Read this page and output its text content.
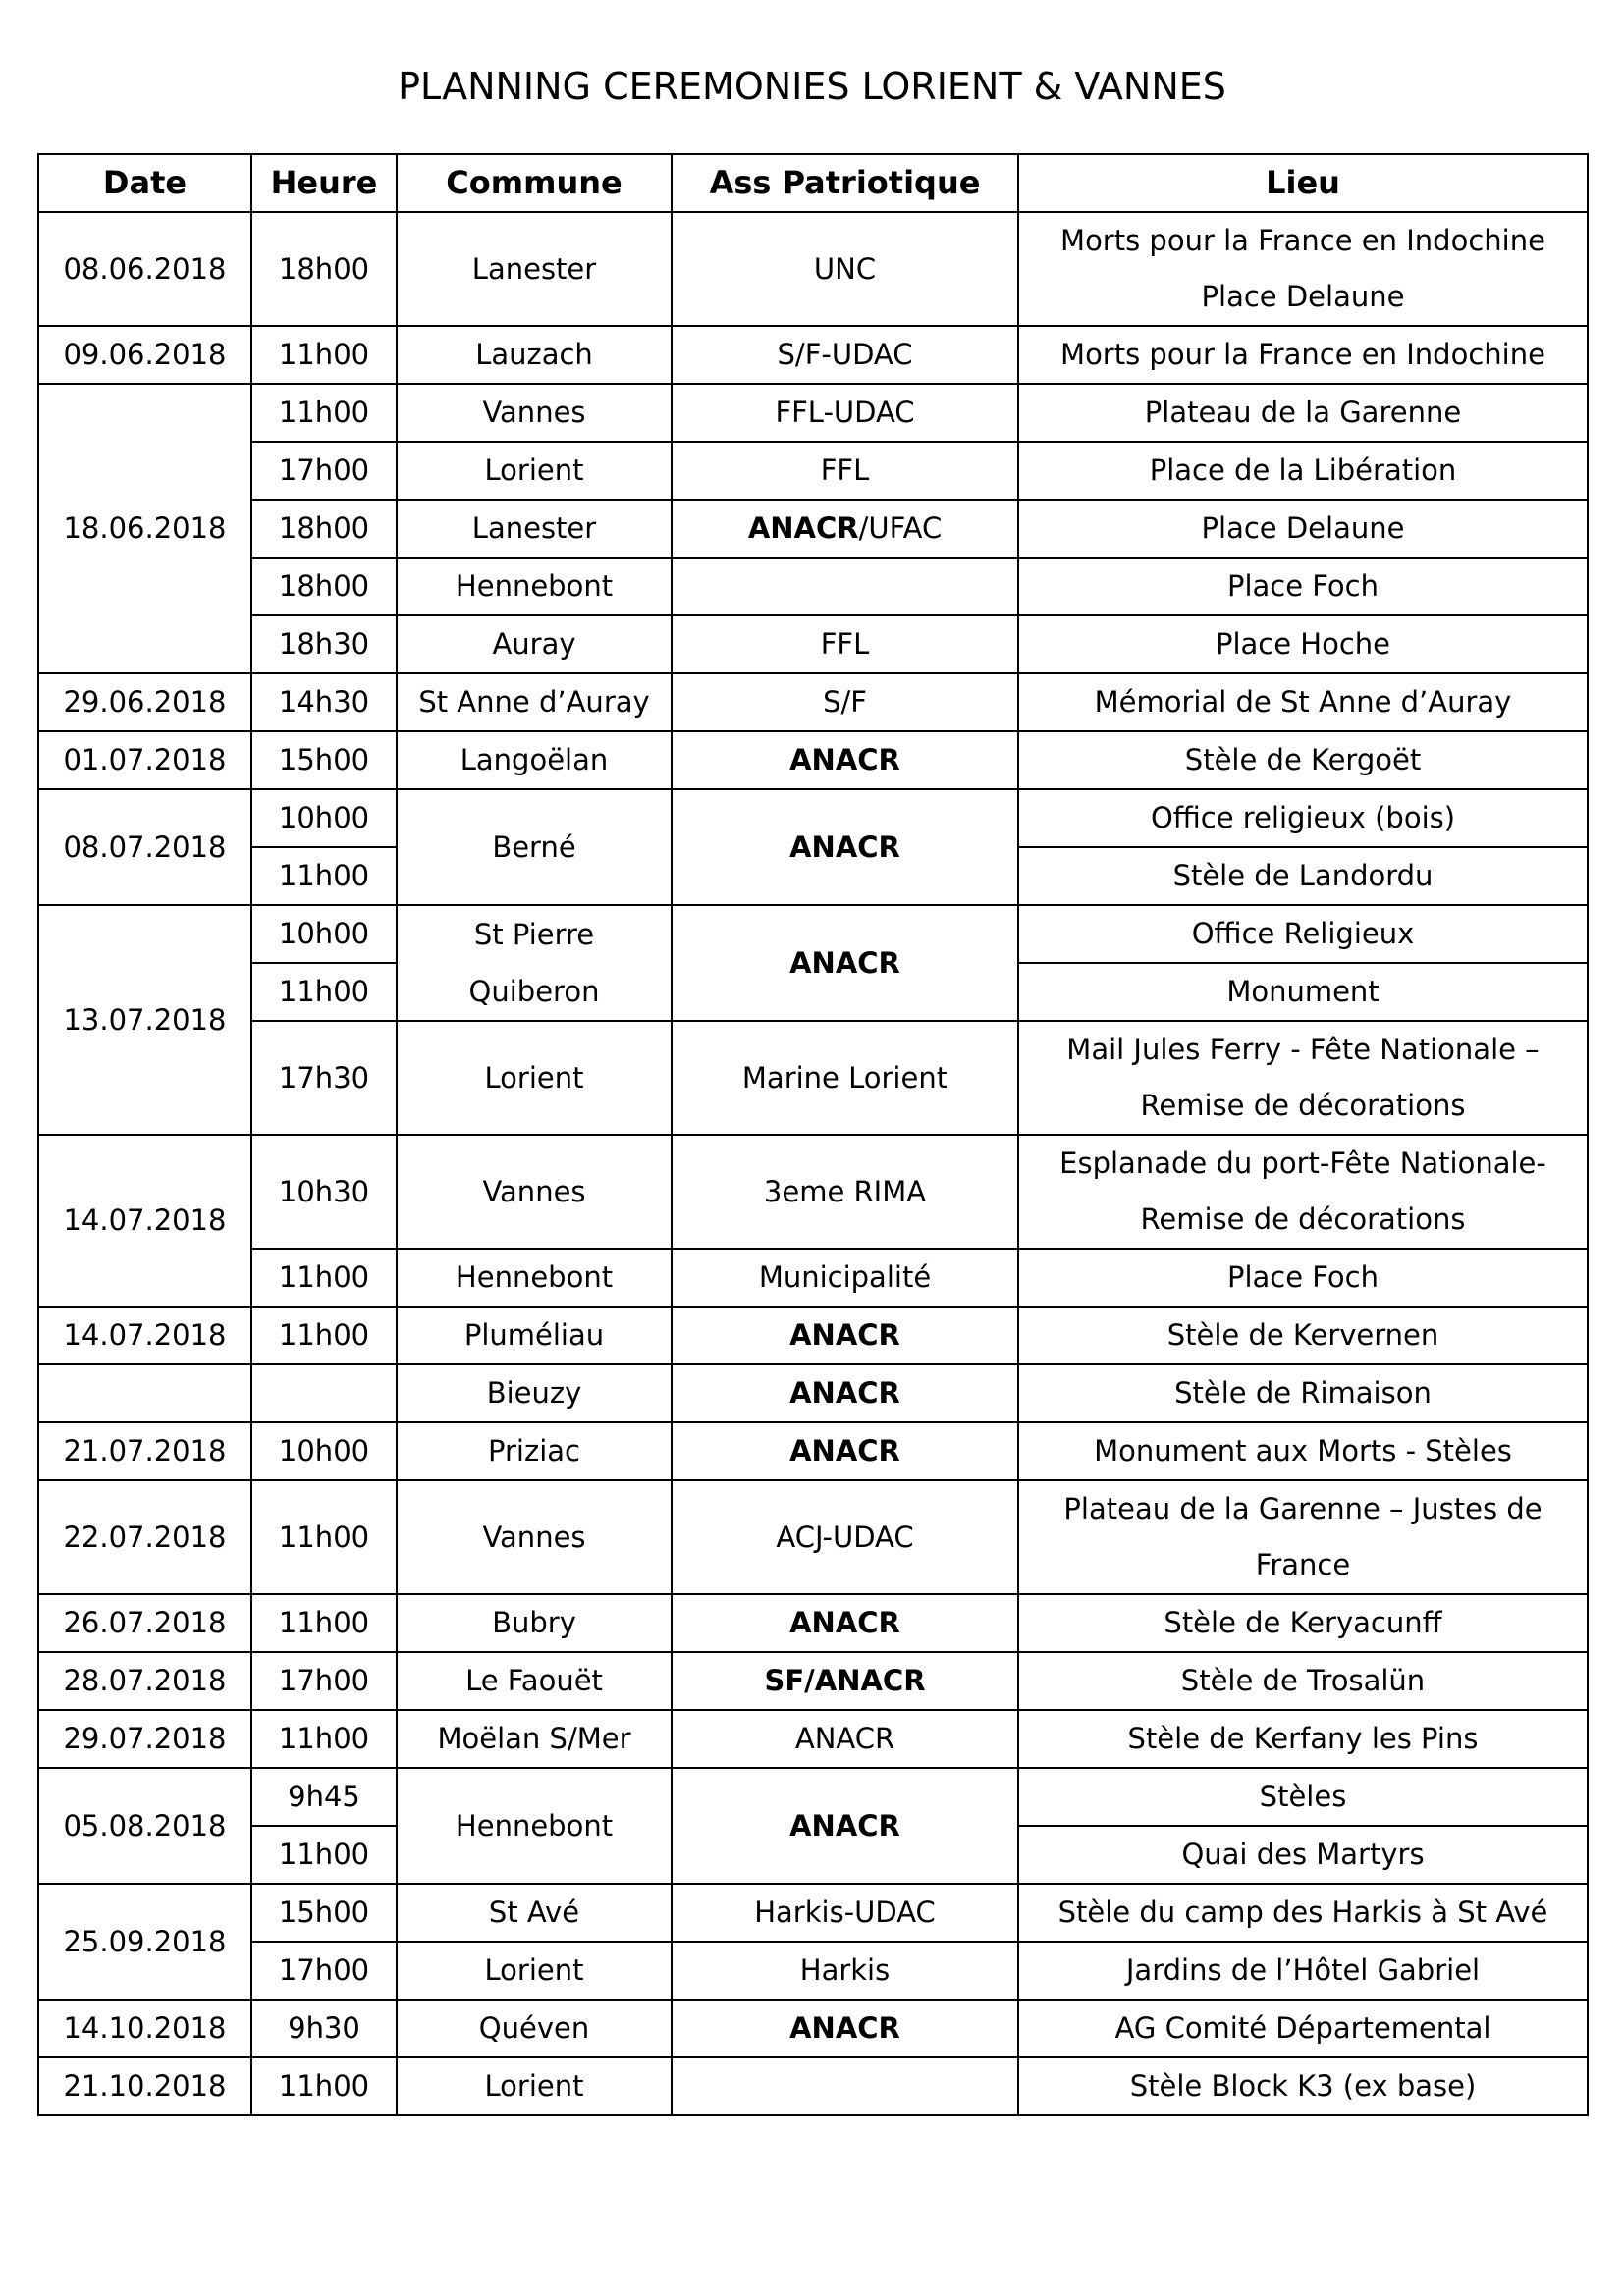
PLANNING CEREMONIES LORIENT & VANNES
Date	Heure	Commune	Ass Patriotique	Lieu
08.06.2018	18h00	Lanester	UNC	Morts pour la France en Indochine
Place Delaune

09.06.2018	11h00	Lauzach	S/F-UDAC	Morts pour la France en Indochine
18.06.2018	11h00	Vannes	FFL-UDAC	Plateau de la Garenne
	17h00	Lorient	FFL	Place de la Libération
	18h00	Lanester	ANACR/UFAC	Place Delaune
	18h00	Hennebont		Place Foch
	18h30	Auray	FFL	Place Hoche
29.06.2018	14h30	St Anne d’Auray	S/F	Mémorial de St Anne d’Auray
01.07.2018	15h00	Langoëlan	ANACR	Stèle de Kergoët
08.07.2018	10h00	Berné	ANACR	Office religieux (bois)
	11h00			Stèle de Landordu
13.07.2018	10h00	St Pierre	ANACR	Office Religieux
	11h00	Quiberon		Monument
	17h30	Lorient	Marine Lorient	Mail Jules Ferry - Fête Nationale –
Remise de décorations

14.07.2018	10h30	Vannes	3eme RIMA	Esplanade du port-Fête Nationale-
Remise de décorations

	11h00	Hennebont	Municipalité	Place Foch
14.07.2018	11h00	Pluméliau	ANACR	Stèle de Kervernen
		Bieuzy	ANACR	Stèle de Rimaison
21.07.2018	10h00	Priziac	ANACR	Monument aux Morts - Stèles
22.07.2018	11h00	Vannes	ACJ-UDAC	Plateau de la Garenne – Justes de
France

26.07.2018	11h00	Bubry	ANACR	Stèle de Keryacunff
28.07.2018	17h00	Le Faouët	SF/ANACR	Stèle de Trosalün
29.07.2018	11h00	Moëlan S/Mer	ANACR	Stèle de Kerfany les Pins
05.08.2018	9h45	Hennebont	ANACR	Stèles
	11h00			Quai des Martyrs
25.09.2018	15h00	St Avé	Harkis-UDAC	Stèle du camp des Harkis à St Avé
	17h00	Lorient	Harkis	Jardins de l’Hôtel Gabriel
14.10.2018	9h30	Quéven	ANACR	AG Comité Départemental
21.10.2018	11h00	Lorient		Stèle Block K3 (ex base)
